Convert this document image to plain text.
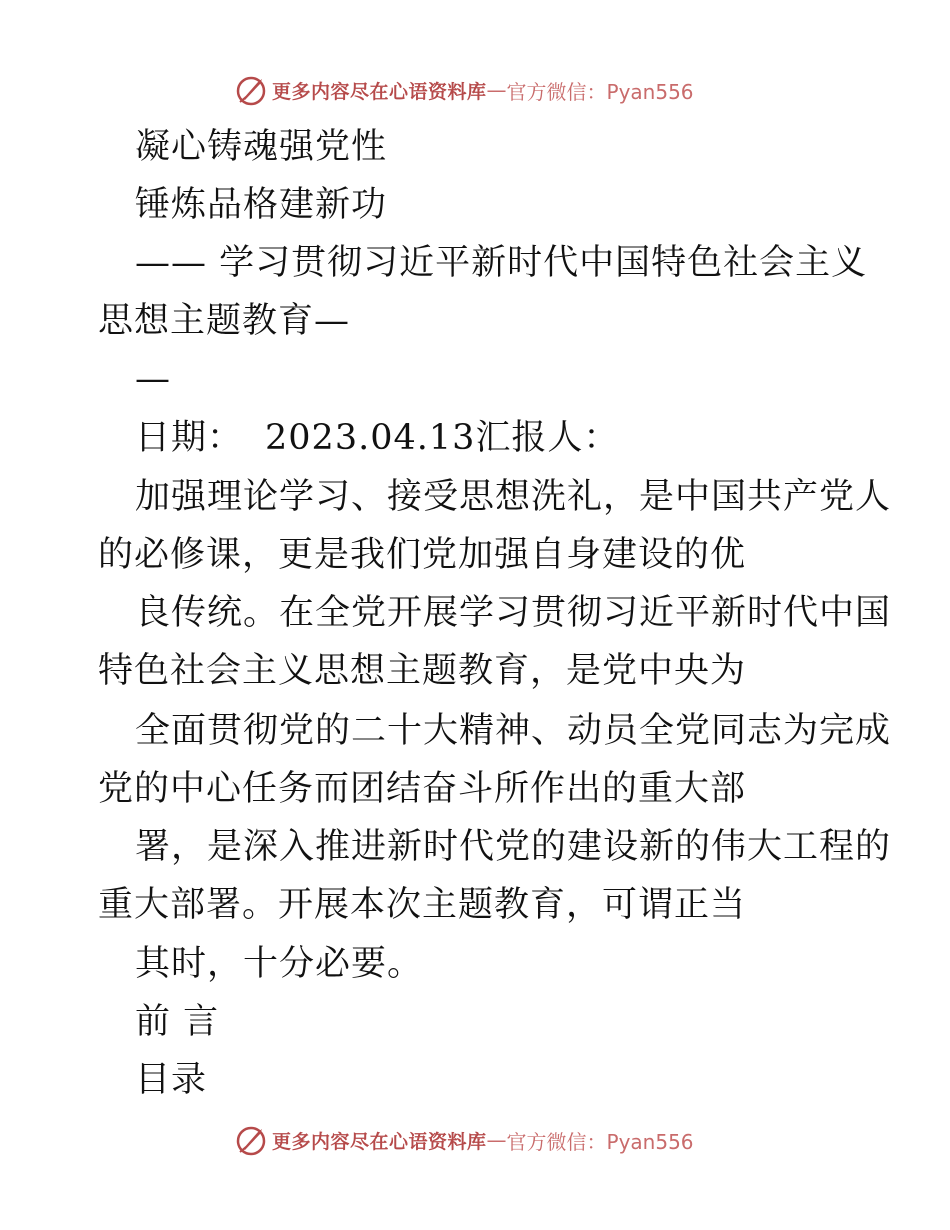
更多内容尽在心语资料库 — 官方微信：Pyan556
凝心铸魂强党性
锤炼品格建新功
—— 学习贯彻习近平新时代中国特色社会主义
思想主题教育—
—
日期： 2023.04.13汇报人：
加强理论学习、接受思想洗礼，是中国共产党人
的必修课，更是我们党加强自身建设的优
良传统。在全党开展学习贯彻习近平新时代中国
特色社会主义思想主题教育，是党中央为
全面贯彻党的二十大精神、动员全党同志为完成
党的中心任务而团结奋斗所作出的重大部
署，是深入推进新时代党的建设新的伟大工程的
重大部署。开展本次主题教育，可谓正当
其时，十分必要。
前 言
目录
更多内容尽在心语资料库 — 官方微信：Pyan556
